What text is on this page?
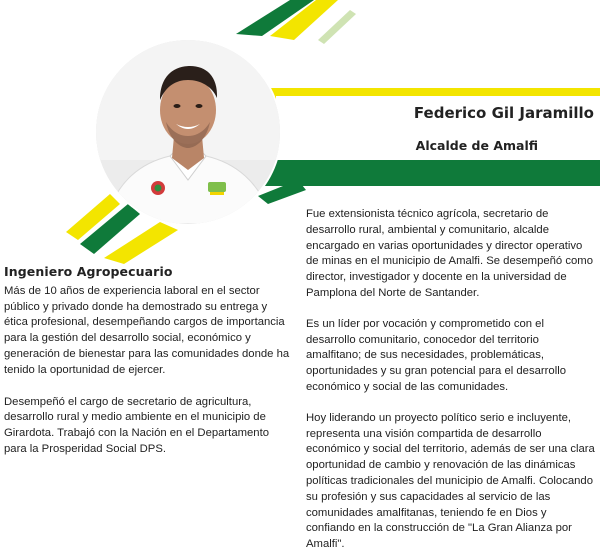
Federico Gil Jaramillo
Alcalde de Amalfi
Ingeniero Agropecuario

Más de 10 años de experiencia laboral en el sector público y privado donde ha demostrado su entrega y ética profesional, desempeñando cargos de importancia para la gestión del desarrollo social, económico y generación de bienestar para las comunidades donde ha tenido la oportunidad de ejercer.

Desempeñó el cargo de secretario de agricultura, desarrollo rural y medio ambiente en el municipio de Girardota. Trabajó con la Nación en el Departamento para la Prosperidad Social DPS.

Fue extensionista técnico agrícola, secretario de desarrollo rural, ambiental y comunitario, alcalde encargado en varias oportunidades y director operativo de minas en el municipio de Amalfi. Se desempeñó como director, investigador y docente en la universidad de Pamplona del Norte de Santander.

Es un líder por vocación y comprometido con el desarrollo comunitario, conocedor del territorio amalfitano; de sus necesidades, problemáticas, oportunidades y su gran potencial para el desarrollo económico y social de las comunidades.

Hoy liderando un proyecto político serio e incluyente, representa una visión compartida de desarrollo económico y social del territorio, además de ser una clara oportunidad de cambio y renovación de las dinámicas políticas tradicionales del municipio de Amalfi. Colocando su profesión y sus capacidades al servicio de las comunidades amalfitanas, teniendo fe en Dios y confiando en la construcción de "La Gran Alianza por Amalfi".
